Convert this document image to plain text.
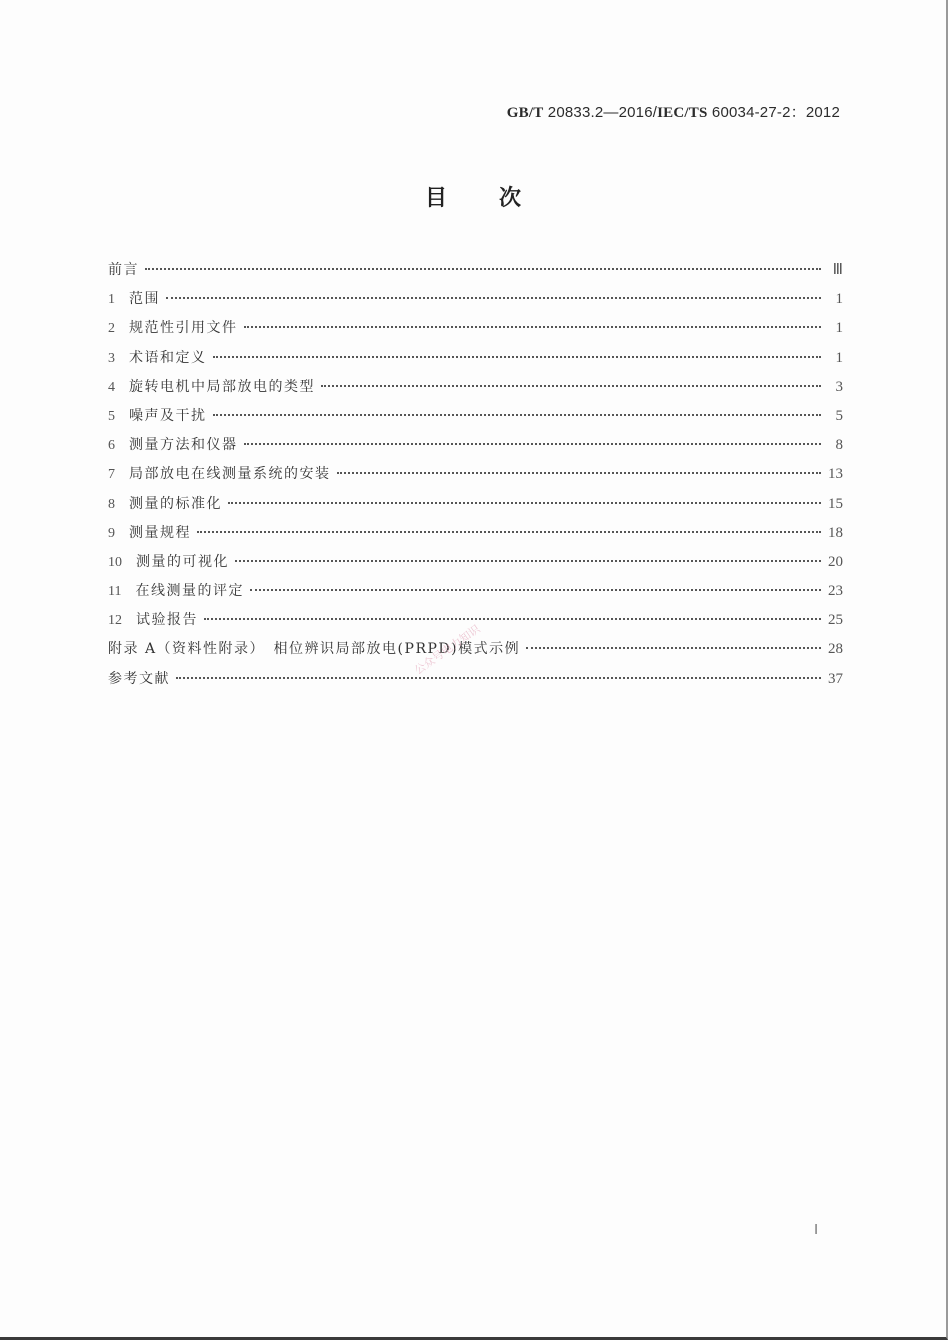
GB/T 20833.2—2016/IEC/TS 60034-27-2：2012
目 次
前言	Ⅲ
1 范围	1
2 规范性引用文件	1
3 术语和定义	1
4 旋转电机中局部放电的类型	3
5 噪声及干扰	5
6 测量方法和仪器	8
7 局部放电在线测量系统的安装	13
8 测量的标准化	15
9 测量规程	18
10 测量的可视化	20
11 在线测量的评定	23
12 试验报告	25
附录 A（资料性附录）　相位辨识局部放电(PRPD)模式示例	28
参考文献	37
公众号电力知识
Ⅰ
